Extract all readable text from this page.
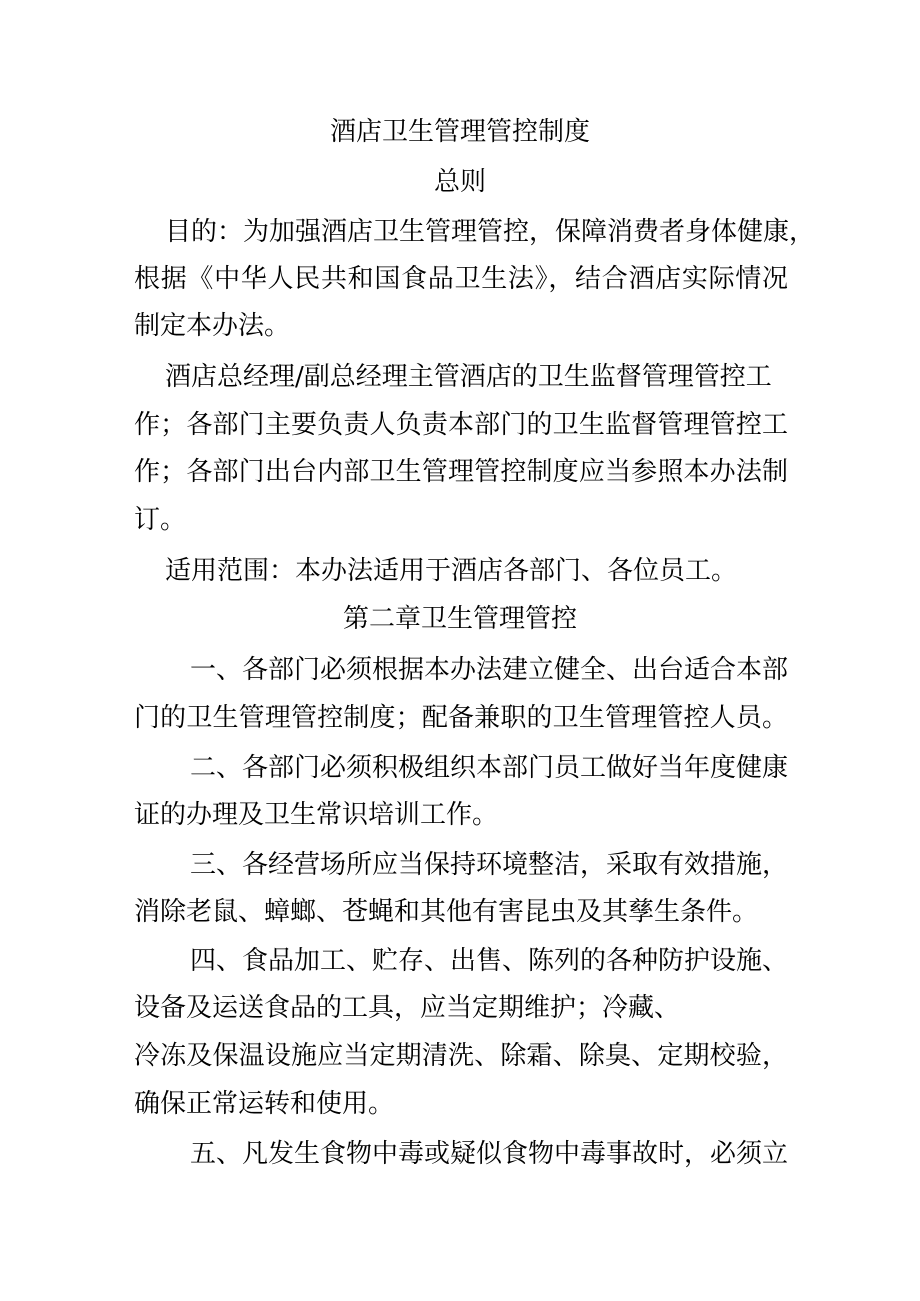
酒店卫生管理管控制度
总则
目的：为加强酒店卫生管理管控，保障消费者身体健康，
根据《中华人民共和国食品卫生法》，结合酒店实际情况
制定本办法。
酒店总经理/副总经理主管酒店的卫生监督管理管控工
作；各部门主要负责人负责本部门的卫生监督管理管控工
作；各部门出台内部卫生管理管控制度应当参照本办法制
订。
适用范围：本办法适用于酒店各部门、各位员工。
第二章卫生管理管控
一、各部门必须根据本办法建立健全、出台适合本部
门的卫生管理管控制度；配备兼职的卫生管理管控人员。
二、各部门必须积极组织本部门员工做好当年度健康
证的办理及卫生常识培训工作。
三、各经营场所应当保持环境整洁，采取有效措施，
消除老鼠、蟑螂、苍蝇和其他有害昆虫及其孳生条件。
四、食品加工、贮存、出售、陈列的各种防护设施、
设备及运送食品的工具，应当定期维护；冷藏、
冷冻及保温设施应当定期清洗、除霜、除臭、定期校验，
确保正常运转和使用。
五、凡发生食物中毒或疑似食物中毒事故时，必须立
